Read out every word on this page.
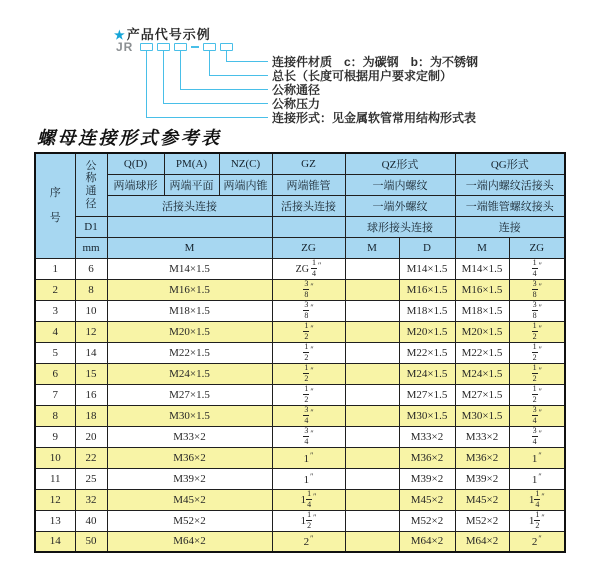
★产品代号示例
JR
连接件材质　c：为碳钢　b：为不锈钢
总长（长度可根据用户要求定制）
公称通径
公称压力
连接形式：见金属软管常用结构形式表
螺母连接形式参考表
序
号	公
称
通
径	Q(D)	PM(A)	NZ(C)	GZ	QZ形式		QG形式	
		两端球形	两端平面	两端内锥	两端锥管	一端内螺纹		一端内螺纹活接头	
		活接头连接			活接头连接	一端外螺纹		一端锥管螺纹接头	
	D1					球形接头连接		连接	
	mm	M			ZG	M	D	M	ZG
1	6	M14×1.5			ZG $\frac{1}{4} ''$		M14×1.5	M14×1.5	$\frac{1}{4} ''$
2	8	M16×1.5			$\frac{3}{8} ''$		M16×1.5	M16×1.5	$\frac{3}{8} ''$
3	10	M18×1.5			$\frac{3}{8} ''$		M18×1.5	M18×1.5	$\frac{3}{8} ''$
4	12	M20×1.5			$\frac{1}{2} ''$		M20×1.5	M20×1.5	$\frac{1}{2} ''$
5	14	M22×1.5			$\frac{1}{2} ''$		M22×1.5	M22×1.5	$\frac{1}{2} ''$
6	15	M24×1.5			$\frac{1}{2} ''$		M24×1.5	M24×1.5	$\frac{1}{2} ''$
7	16	M27×1.5			$\frac{1}{2} ''$		M27×1.5	M27×1.5	$\frac{1}{2} ''$
8	18	M30×1.5			$\frac{3}{4} ''$		M30×1.5	M30×1.5	$\frac{3}{4} ''$
9	20	M33×2			$\frac{3}{4} ''$		M33×2	M33×2	$\frac{3}{4} ''$
10	22	M36×2			1″		M36×2	M36×2	1″
11	25	M39×2			1″		M39×2	M39×2	1″
12	32	M45×2			$1 \frac{1}{4} ''$		M45×2	M45×2	$1 \frac{1}{4} ''$
13	40	M52×2			$1 \frac{1}{2} ''$		M52×2	M52×2	$1 \frac{1}{2} ''$
14	50	M64×2			2″		M64×2	M64×2	2″
